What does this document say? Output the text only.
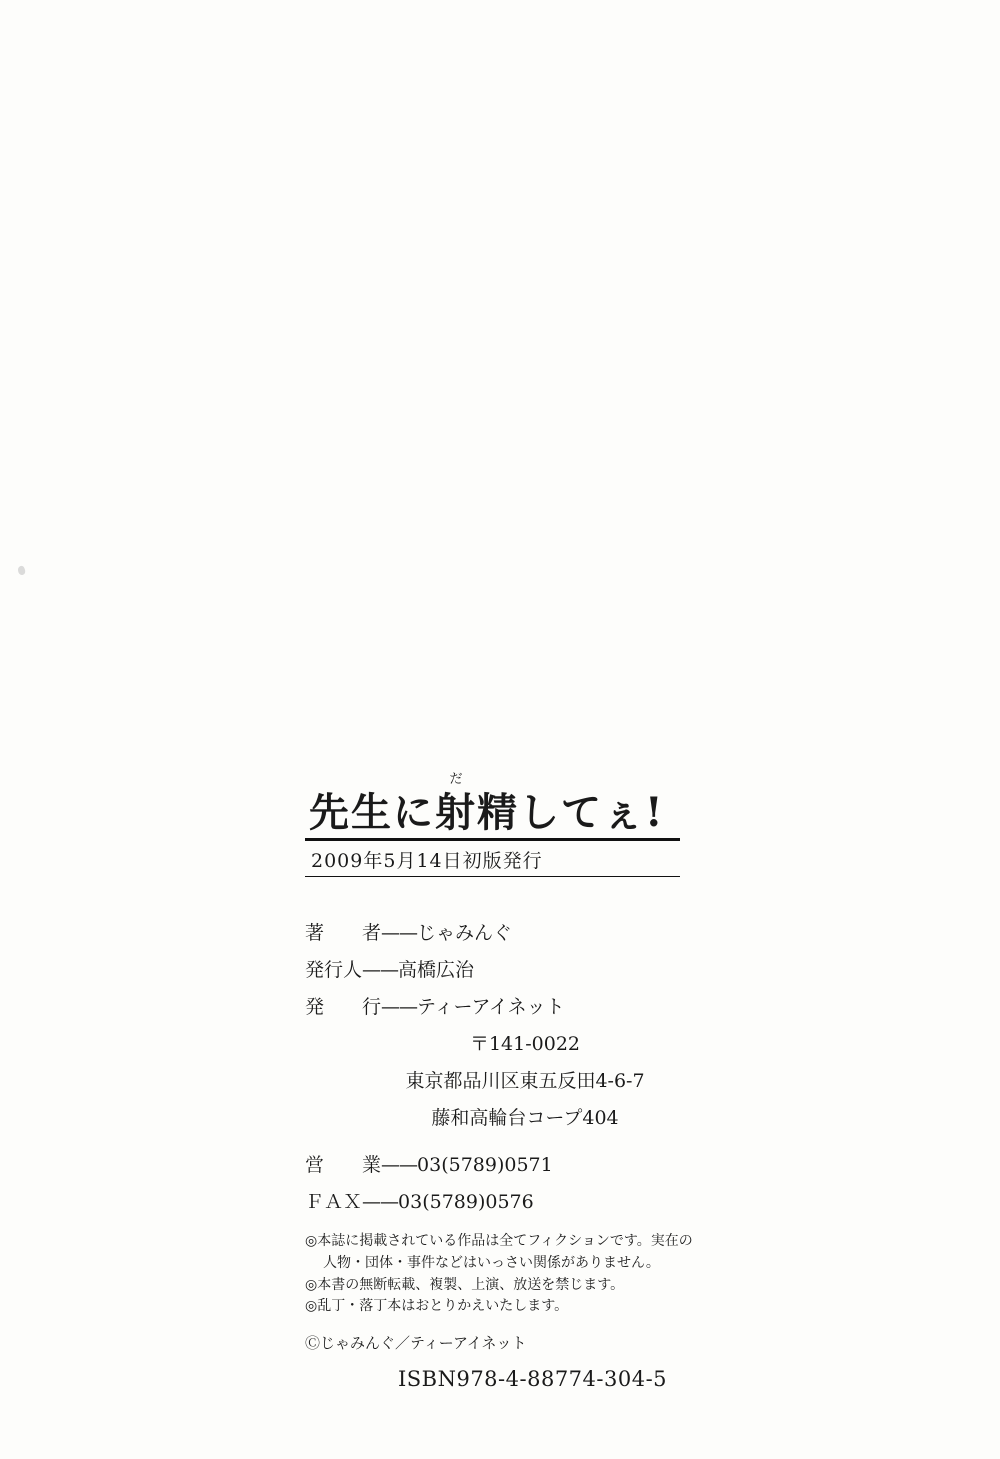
先生に
だ
射精してぇ!
2009年5月14日初版発行
著　　者——じゃみんぐ
発行人——高橋広治
発　　行——ティーアイネット
〒141-0022
東京都品川区東五反田4-6-7
藤和高輪台コープ404
営　　業——03(5789)0571
ＦＡＸ——03(5789)0576
◎本誌に掲載されている作品は全てフィクションです。実在の
人物・団体・事件などはいっさい関係がありません。
◎本書の無断転載、複製、上演、放送を禁じます。
◎乱丁・落丁本はおとりかえいたします。
Ⓒじゃみんぐ／ティーアイネット
ISBN978-4-88774-304-5
